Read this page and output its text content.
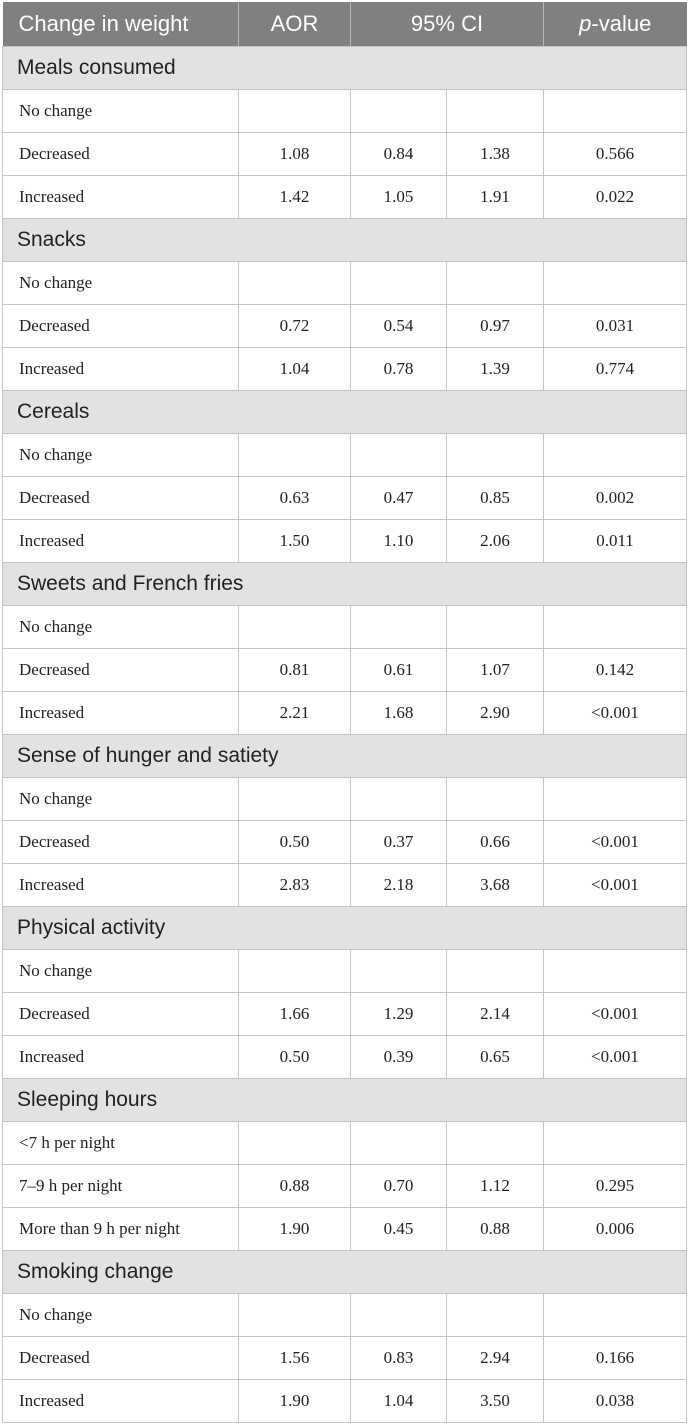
Change in weight	AOR	95% CI		p-value
Meals consumed				
No change				
Decreased	1.08	0.84	1.38	0.566
Increased	1.42	1.05	1.91	0.022
Snacks				
No change				
Decreased	0.72	0.54	0.97	0.031
Increased	1.04	0.78	1.39	0.774
Cereals				
No change				
Decreased	0.63	0.47	0.85	0.002
Increased	1.50	1.10	2.06	0.011
Sweets and French fries				
No change				
Decreased	0.81	0.61	1.07	0.142
Increased	2.21	1.68	2.90	<0.001
Sense of hunger and satiety				
No change				
Decreased	0.50	0.37	0.66	<0.001
Increased	2.83	2.18	3.68	<0.001
Physical activity				
No change				
Decreased	1.66	1.29	2.14	<0.001
Increased	0.50	0.39	0.65	<0.001
Sleeping hours				
<7 h per night				
7–9 h per night	0.88	0.70	1.12	0.295
More than 9 h per night	1.90	0.45	0.88	0.006
Smoking change				
No change				
Decreased	1.56	0.83	2.94	0.166
Increased	1.90	1.04	3.50	0.038
